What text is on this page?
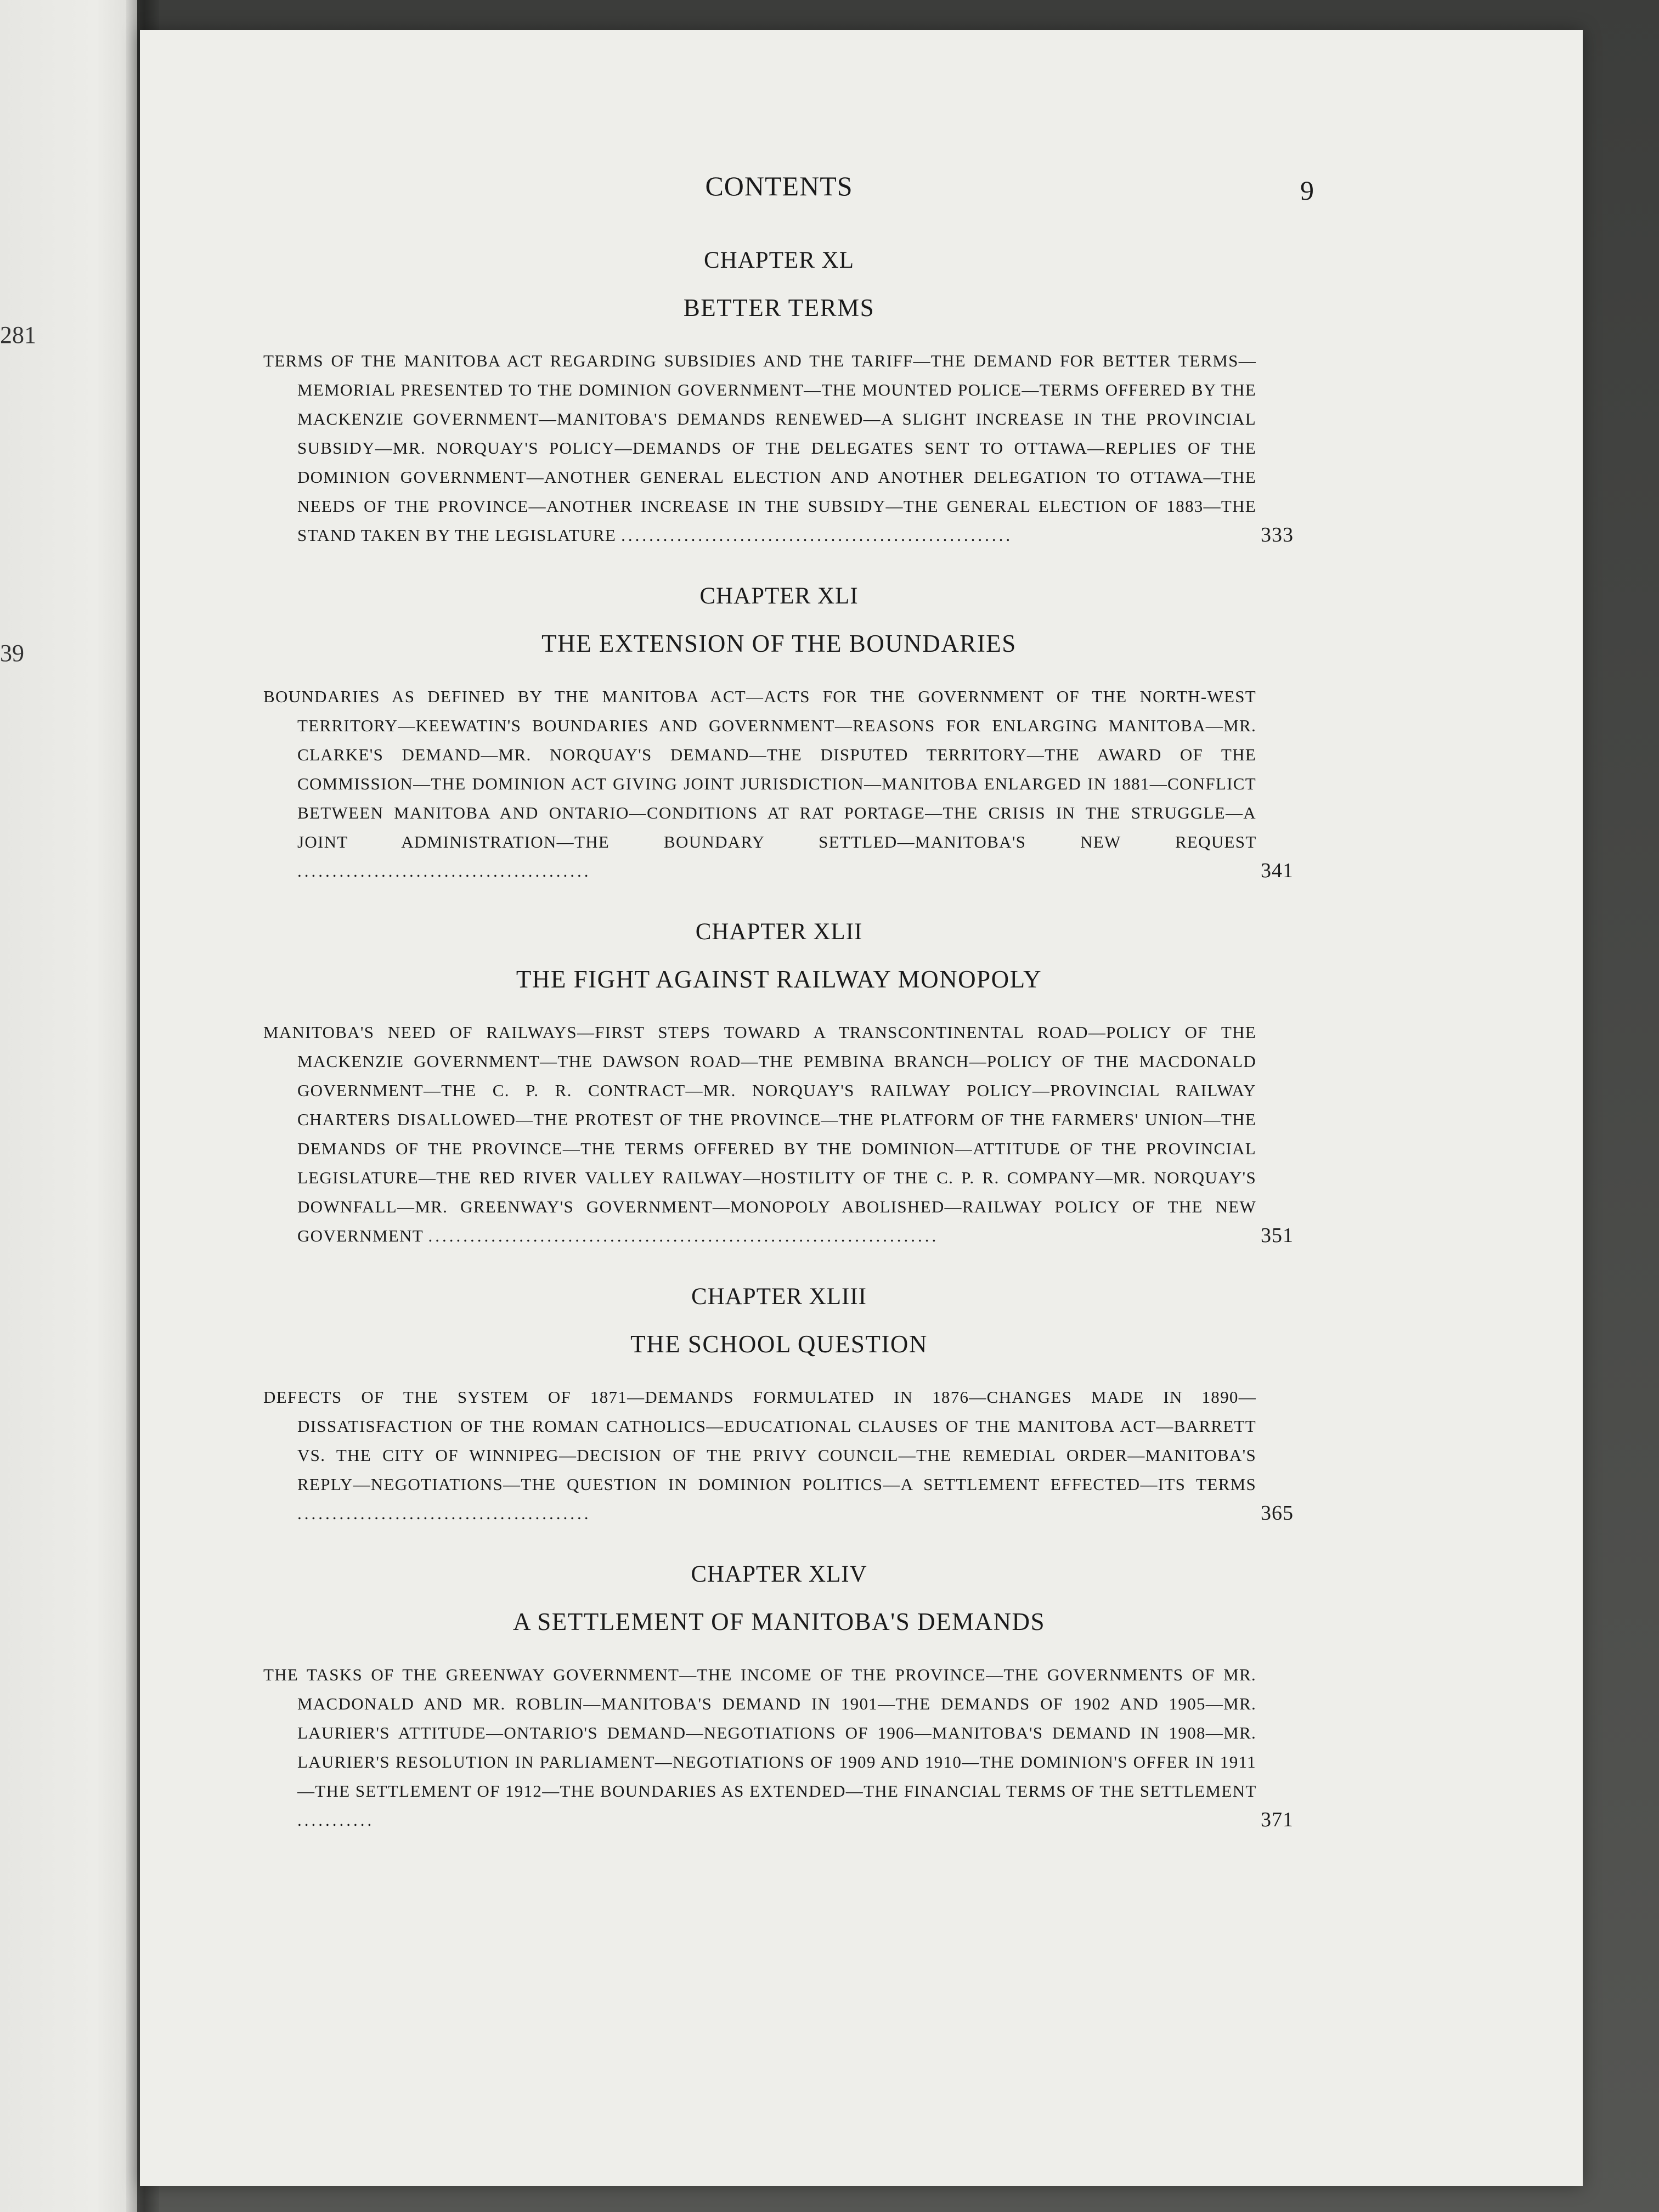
281
39
CONTENTS	9
CHAPTER XL
BETTER TERMS
TERMS OF THE MANITOBA ACT REGARDING SUBSIDIES AND THE TARIFF—THE DEMAND FOR BETTER TERMS—MEMORIAL PRESENTED TO THE DOMINION GOVERNMENT—THE MOUNTED POLICE—TERMS OFFERED BY THE MACKENZIE GOVERNMENT—MANITOBA'S DEMANDS RENEWED—A SLIGHT INCREASE IN THE PROVINCIAL SUBSIDY—MR. NORQUAY'S POLICY—DEMANDS OF THE DELEGATES SENT TO OTTAWA—REPLIES OF THE DOMINION GOVERNMENT—ANOTHER GENERAL ELECTION AND ANOTHER DELEGATION TO OTTAWA—THE NEEDS OF THE PROVINCE—ANOTHER INCREASE IN THE SUBSIDY—THE GENERAL ELECTION OF 1883—THE STAND TAKEN BY THE LEGISLATURE ........................................................	333
CHAPTER XLI
THE EXTENSION OF THE BOUNDARIES
BOUNDARIES AS DEFINED BY THE MANITOBA ACT—ACTS FOR THE GOVERNMENT OF THE NORTH-WEST TERRITORY—KEEWATIN'S BOUNDARIES AND GOVERNMENT—REASONS FOR ENLARGING MANITOBA—MR. CLARKE'S DEMAND—MR. NORQUAY'S DEMAND—THE DISPUTED TERRITORY—THE AWARD OF THE COMMISSION—THE DOMINION ACT GIVING JOINT JURISDICTION—MANITOBA ENLARGED IN 1881—CONFLICT BETWEEN MANITOBA AND ONTARIO—CONDITIONS AT RAT PORTAGE—THE CRISIS IN THE STRUGGLE—A JOINT ADMINISTRATION—THE BOUNDARY SETTLED—MANITOBA'S NEW REQUEST ..........................................	341
CHAPTER XLII
THE FIGHT AGAINST RAILWAY MONOPOLY
MANITOBA'S NEED OF RAILWAYS—FIRST STEPS TOWARD A TRANSCONTINENTAL ROAD—POLICY OF THE MACKENZIE GOVERNMENT—THE DAWSON ROAD—THE PEMBINA BRANCH—POLICY OF THE MACDONALD GOVERNMENT—THE C. P. R. CONTRACT—MR. NORQUAY'S RAILWAY POLICY—PROVINCIAL RAILWAY CHARTERS DISALLOWED—THE PROTEST OF THE PROVINCE—THE PLATFORM OF THE FARMERS' UNION—THE DEMANDS OF THE PROVINCE—THE TERMS OFFERED BY THE DOMINION—ATTITUDE OF THE PROVINCIAL LEGISLATURE—THE RED RIVER VALLEY RAILWAY—HOSTILITY OF THE C. P. R. COMPANY—MR. NORQUAY'S DOWNFALL—MR. GREENWAY'S GOVERNMENT—MONOPOLY ABOLISHED—RAILWAY POLICY OF THE NEW GOVERNMENT .........................................................................	351
CHAPTER XLIII
THE SCHOOL QUESTION
DEFECTS OF THE SYSTEM OF 1871—DEMANDS FORMULATED IN 1876—CHANGES MADE IN 1890—DISSATISFACTION OF THE ROMAN CATHOLICS—EDUCATIONAL CLAUSES OF THE MANITOBA ACT—BARRETT VS. THE CITY OF WINNIPEG—DECISION OF THE PRIVY COUNCIL—THE REMEDIAL ORDER—MANITOBA'S REPLY—NEGOTIATIONS—THE QUESTION IN DOMINION POLITICS—A SETTLEMENT EFFECTED—ITS TERMS ..........................................	365
CHAPTER XLIV
A SETTLEMENT OF MANITOBA'S DEMANDS
THE TASKS OF THE GREENWAY GOVERNMENT—THE INCOME OF THE PROVINCE—THE GOVERNMENTS OF MR. MACDONALD AND MR. ROBLIN—MANITOBA'S DEMAND IN 1901—THE DEMANDS OF 1902 AND 1905—MR. LAURIER'S ATTITUDE—ONTARIO'S DEMAND—NEGOTIATIONS OF 1906—MANITOBA'S DEMAND IN 1908—MR. LAURIER'S RESOLUTION IN PARLIAMENT—NEGOTIATIONS OF 1909 AND 1910—THE DOMINION'S OFFER IN 1911—THE SETTLEMENT OF 1912—THE BOUNDARIES AS EXTENDED—THE FINANCIAL TERMS OF THE SETTLEMENT ...........	371
